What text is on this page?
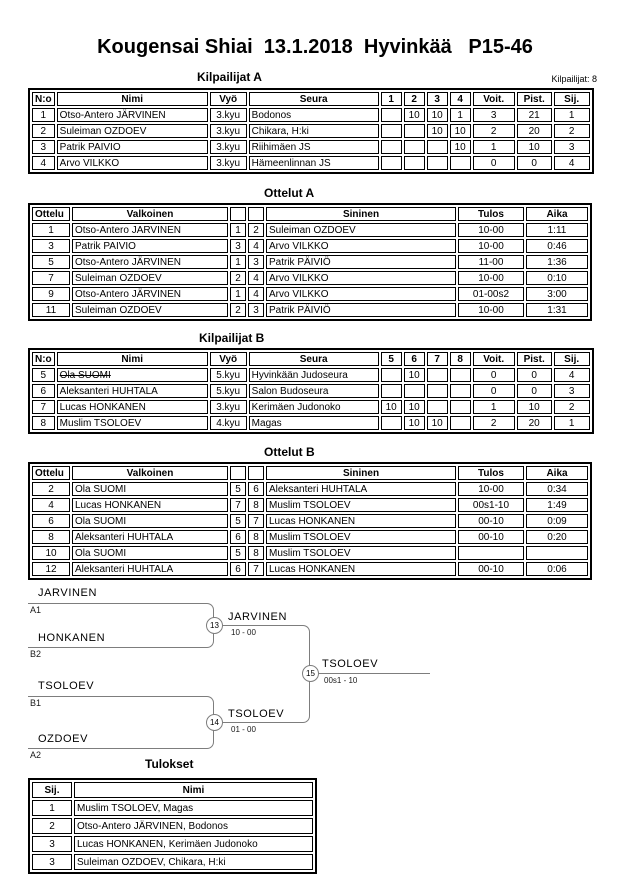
Kougensai Shiai  13.1.2018  Hyvinkää   P15-46
Kilpailijat A	Kilpailijat: 8
N:o	Nimi	Vyö	Seura	1	2	3	4	Voit.	Pist.	Sij.
1	Otso-Antero JÄRVINEN	3.kyu	Bodonos		10	10	1	3	21	1
2	Suleiman OZDOEV	3.kyu	Chikara, H:ki			10	10	2	20	2
3	Patrik PAIVIO	3.kyu	Riihimäen JS				10	1	10	3
4	Arvo VILKKO	3.kyu	Hämeenlinnan JS					0	0	4
Ottelut A
Ottelu	Valkoinen			Sininen	Tulos	Aika
1	Otso-Antero JARVINEN	1	2	Suleiman OZDOEV	10-00	1:11
3	Patrik PAIVIO	3	4	Arvo VILKKO	10-00	0:46
5	Otso-Antero JÄRVINEN	1	3	Patrik PÄIVIÖ	11-00	1:36
7	Suleiman OZDOEV	2	4	Arvo VILKKO	10-00	0:10
9	Otso-Antero JÄRVINEN	1	4	Arvo VILKKO	01-00s2	3:00
11	Suleiman OZDOEV	2	3	Patrik PÄIVIÖ	10-00	1:31
Kilpailijat B
N:o	Nimi	Vyö	Seura	5	6	7	8	Voit.	Pist.	Sij.
5	Ola SUOMI	5.kyu	Hyvinkään Judoseura		10			0	0	4
6	Aleksanteri HUHTALA	5.kyu	Salon Budoseura					0	0	3
7	Lucas HONKANEN	3.kyu	Kerimäen Judonoko	10	10			1	10	2
8	Muslim TSOLOEV	4.kyu	Magas		10	10		2	20	1
Ottelut B
Ottelu	Valkoinen			Sininen	Tulos	Aika
2	Ola SUOMI	5	6	Aleksanteri HUHTALA	10-00	0:34
4	Lucas HONKANEN	7	8	Muslim TSOLOEV	00s1-10	1:49
6	Ola SUOMI	5	7	Lucas HONKANEN	00-10	0:09
8	Aleksanteri HUHTALA	6	8	Muslim TSOLOEV	00-10	0:20
10	Ola SUOMI	5	8	Muslim TSOLOEV		
12	Aleksanteri HUHTALA	6	7	Lucas HONKANEN	00-10	0:06
JARVINEN
A1
HONKANEN
B2
TSOLOEV
B1
OZDOEV
A2
13
JARVINEN
10 - 00
14
TSOLOEV
01 - 00
15
TSOLOEV
00s1 - 10
Tulokset
Sij.	Nimi
1	Muslim TSOLOEV, Magas
2	Otso-Antero JÄRVINEN, Bodonos
3	Lucas HONKANEN, Kerimäen Judonoko
3	Suleiman OZDOEV, Chikara, H:ki
